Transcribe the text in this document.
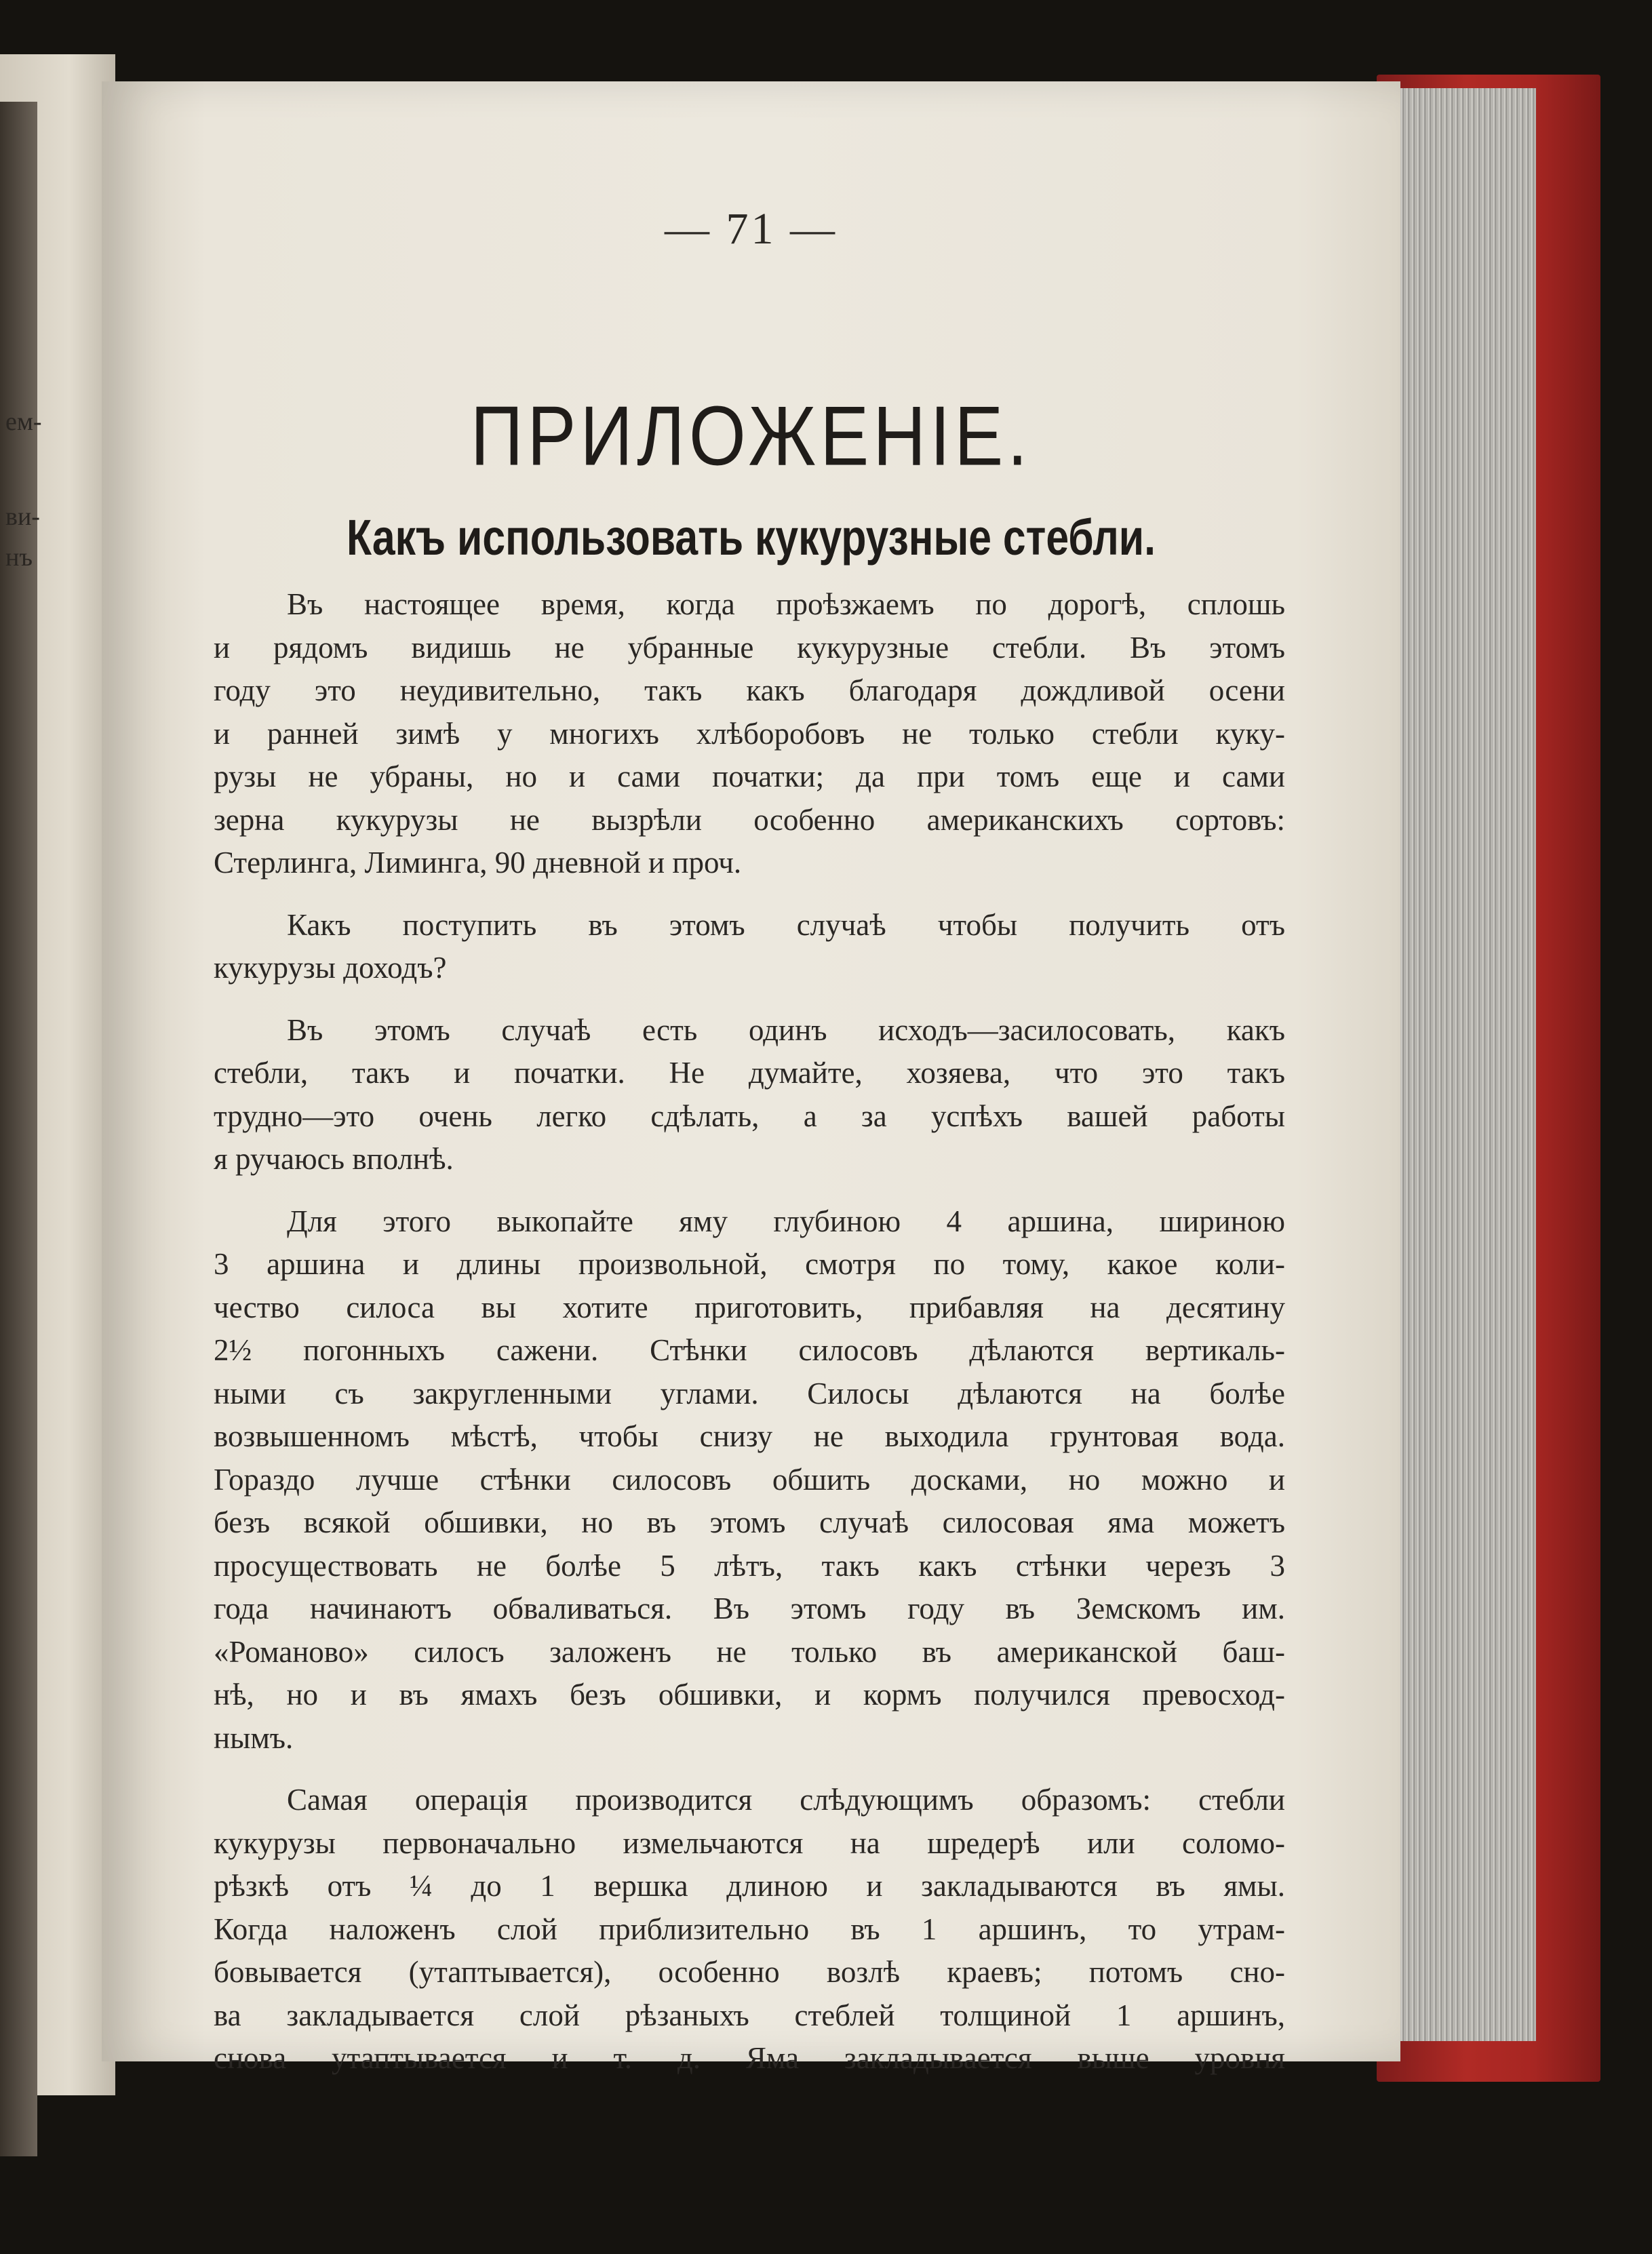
ем-
ви-
нъ
— 71 —
ПРИЛОЖЕНІЕ.
Какъ использовать кукурузные стебли.
Въ настоящее время, когда проѣзжаемъ по дорогѣ, сплошь
и рядомъ видишь не убранные кукурузные стебли. Въ этомъ
году это неудивительно, такъ какъ благодаря дождливой осени
и ранней зимѣ у многихъ хлѣборобовъ не только стебли куку-
рузы не убраны, но и сами початки; да при томъ еще и сами
зерна кукурузы не вызрѣли особенно американскихъ сортовъ:
Стерлинга, Лиминга, 90 дневной и проч.
Какъ поступить въ этомъ случаѣ чтобы получить отъ
кукурузы доходъ?
Въ этомъ случаѣ есть одинъ исходъ—засилосовать, какъ
стебли, такъ и початки. Не думайте, хозяева, что это такъ
трудно—это очень легко сдѣлать, а за успѣхъ вашей работы
я ручаюсь вполнѣ.
Для этого выкопайте яму глубиною 4 аршина, шириною
3 аршина и длины произвольной, смотря по тому, какое коли-
чество силоса вы хотите приготовить, прибавляя на десятину
2½ погонныхъ сажени. Стѣнки силосовъ дѣлаются вертикаль-
ными съ закругленными углами. Силосы дѣлаются на болѣе
возвышенномъ мѣстѣ, чтобы снизу не выходила грунтовая вода.
Гораздо лучше стѣнки силосовъ обшить досками, но можно и
безъ всякой обшивки, но въ этомъ случаѣ силосовая яма можетъ
просуществовать не болѣе 5 лѣтъ, такъ какъ стѣнки черезъ 3
года начинаютъ обваливаться. Въ этомъ году въ Земскомъ им.
«Романово» силосъ заложенъ не только въ американской баш-
нѣ, но и въ ямахъ безъ обшивки, и кормъ получился превосход-
нымъ.
Самая операція производится слѣдующимъ образомъ: стебли
кукурузы первоначально измельчаются на шредерѣ или соломо-
рѣзкѣ отъ ¼ до 1 вершка длиною и закладываются въ ямы.
Когда наложенъ слой приблизительно въ 1 аршинъ, то утрам-
бовывается (утаптывается), особенно возлѣ краевъ; потомъ сно-
ва закладывается слой рѣзаныхъ стеблей толщиной 1 аршинъ,
снова утаптывается и т. д. Яма закладывается выше уровня
